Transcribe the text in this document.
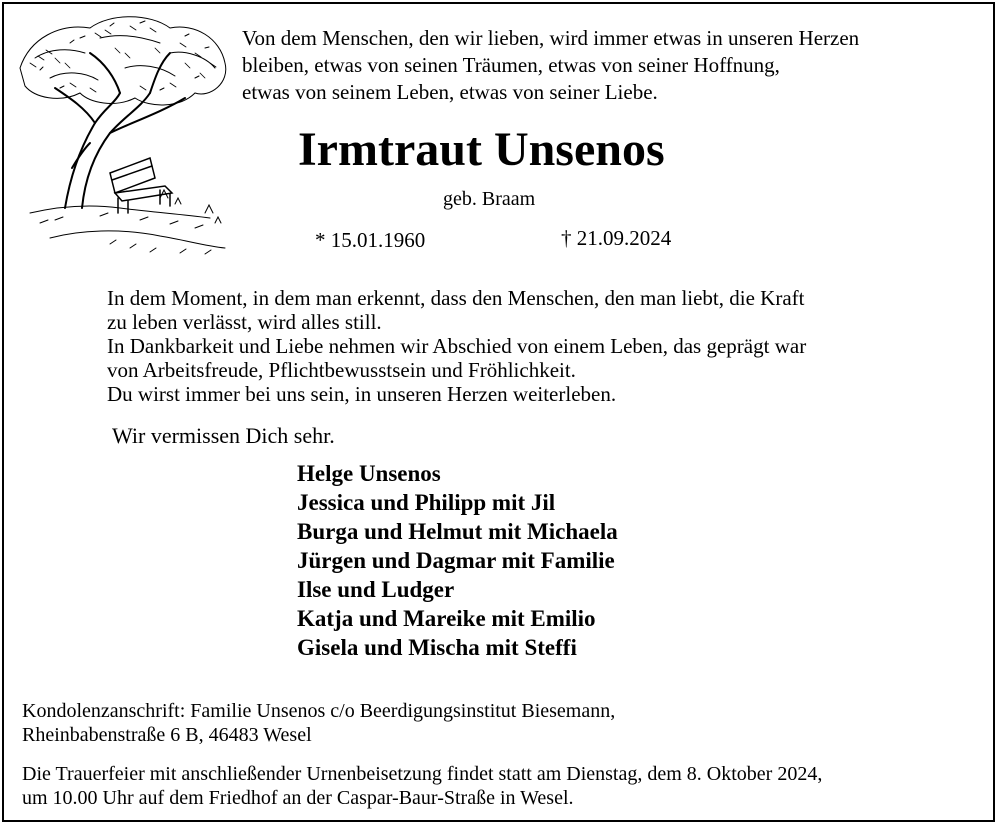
Von dem Menschen, den wir lieben, wird immer etwas in unseren Herzen
bleiben, etwas von seinen Träumen, etwas von seiner Hoffnung,
etwas von seinem Leben, etwas von seiner Liebe.
Irmtraut Unsenos
geb. Braam
* 15.01.1960	† 21.09.2024
In dem Moment, in dem man erkennt, dass den Menschen, den man liebt, die Kraft
zu leben verlässt, wird alles still.
In Dankbarkeit und Liebe nehmen wir Abschied von einem Leben, das geprägt war
von Arbeitsfreude, Pflichtbewusstsein und Fröhlichkeit.
Du wirst immer bei uns sein, in unseren Herzen weiterleben.
Wir vermissen Dich sehr.
Helge Unsenos
Jessica und Philipp mit Jil
Burga und Helmut mit Michaela
Jürgen und Dagmar mit Familie
Ilse und Ludger
Katja und Mareike mit Emilio
Gisela und Mischa mit Steffi
Kondolenzanschrift: Familie Unsenos c/o Beerdigungsinstitut Biesemann,
Rheinbabenstraße 6 B, 46483 Wesel
Die Trauerfeier mit anschließender Urnenbeisetzung findet statt am Dienstag, dem 8. Oktober 2024,
um 10.00 Uhr auf dem Friedhof an der Caspar-Baur-Straße in Wesel.
